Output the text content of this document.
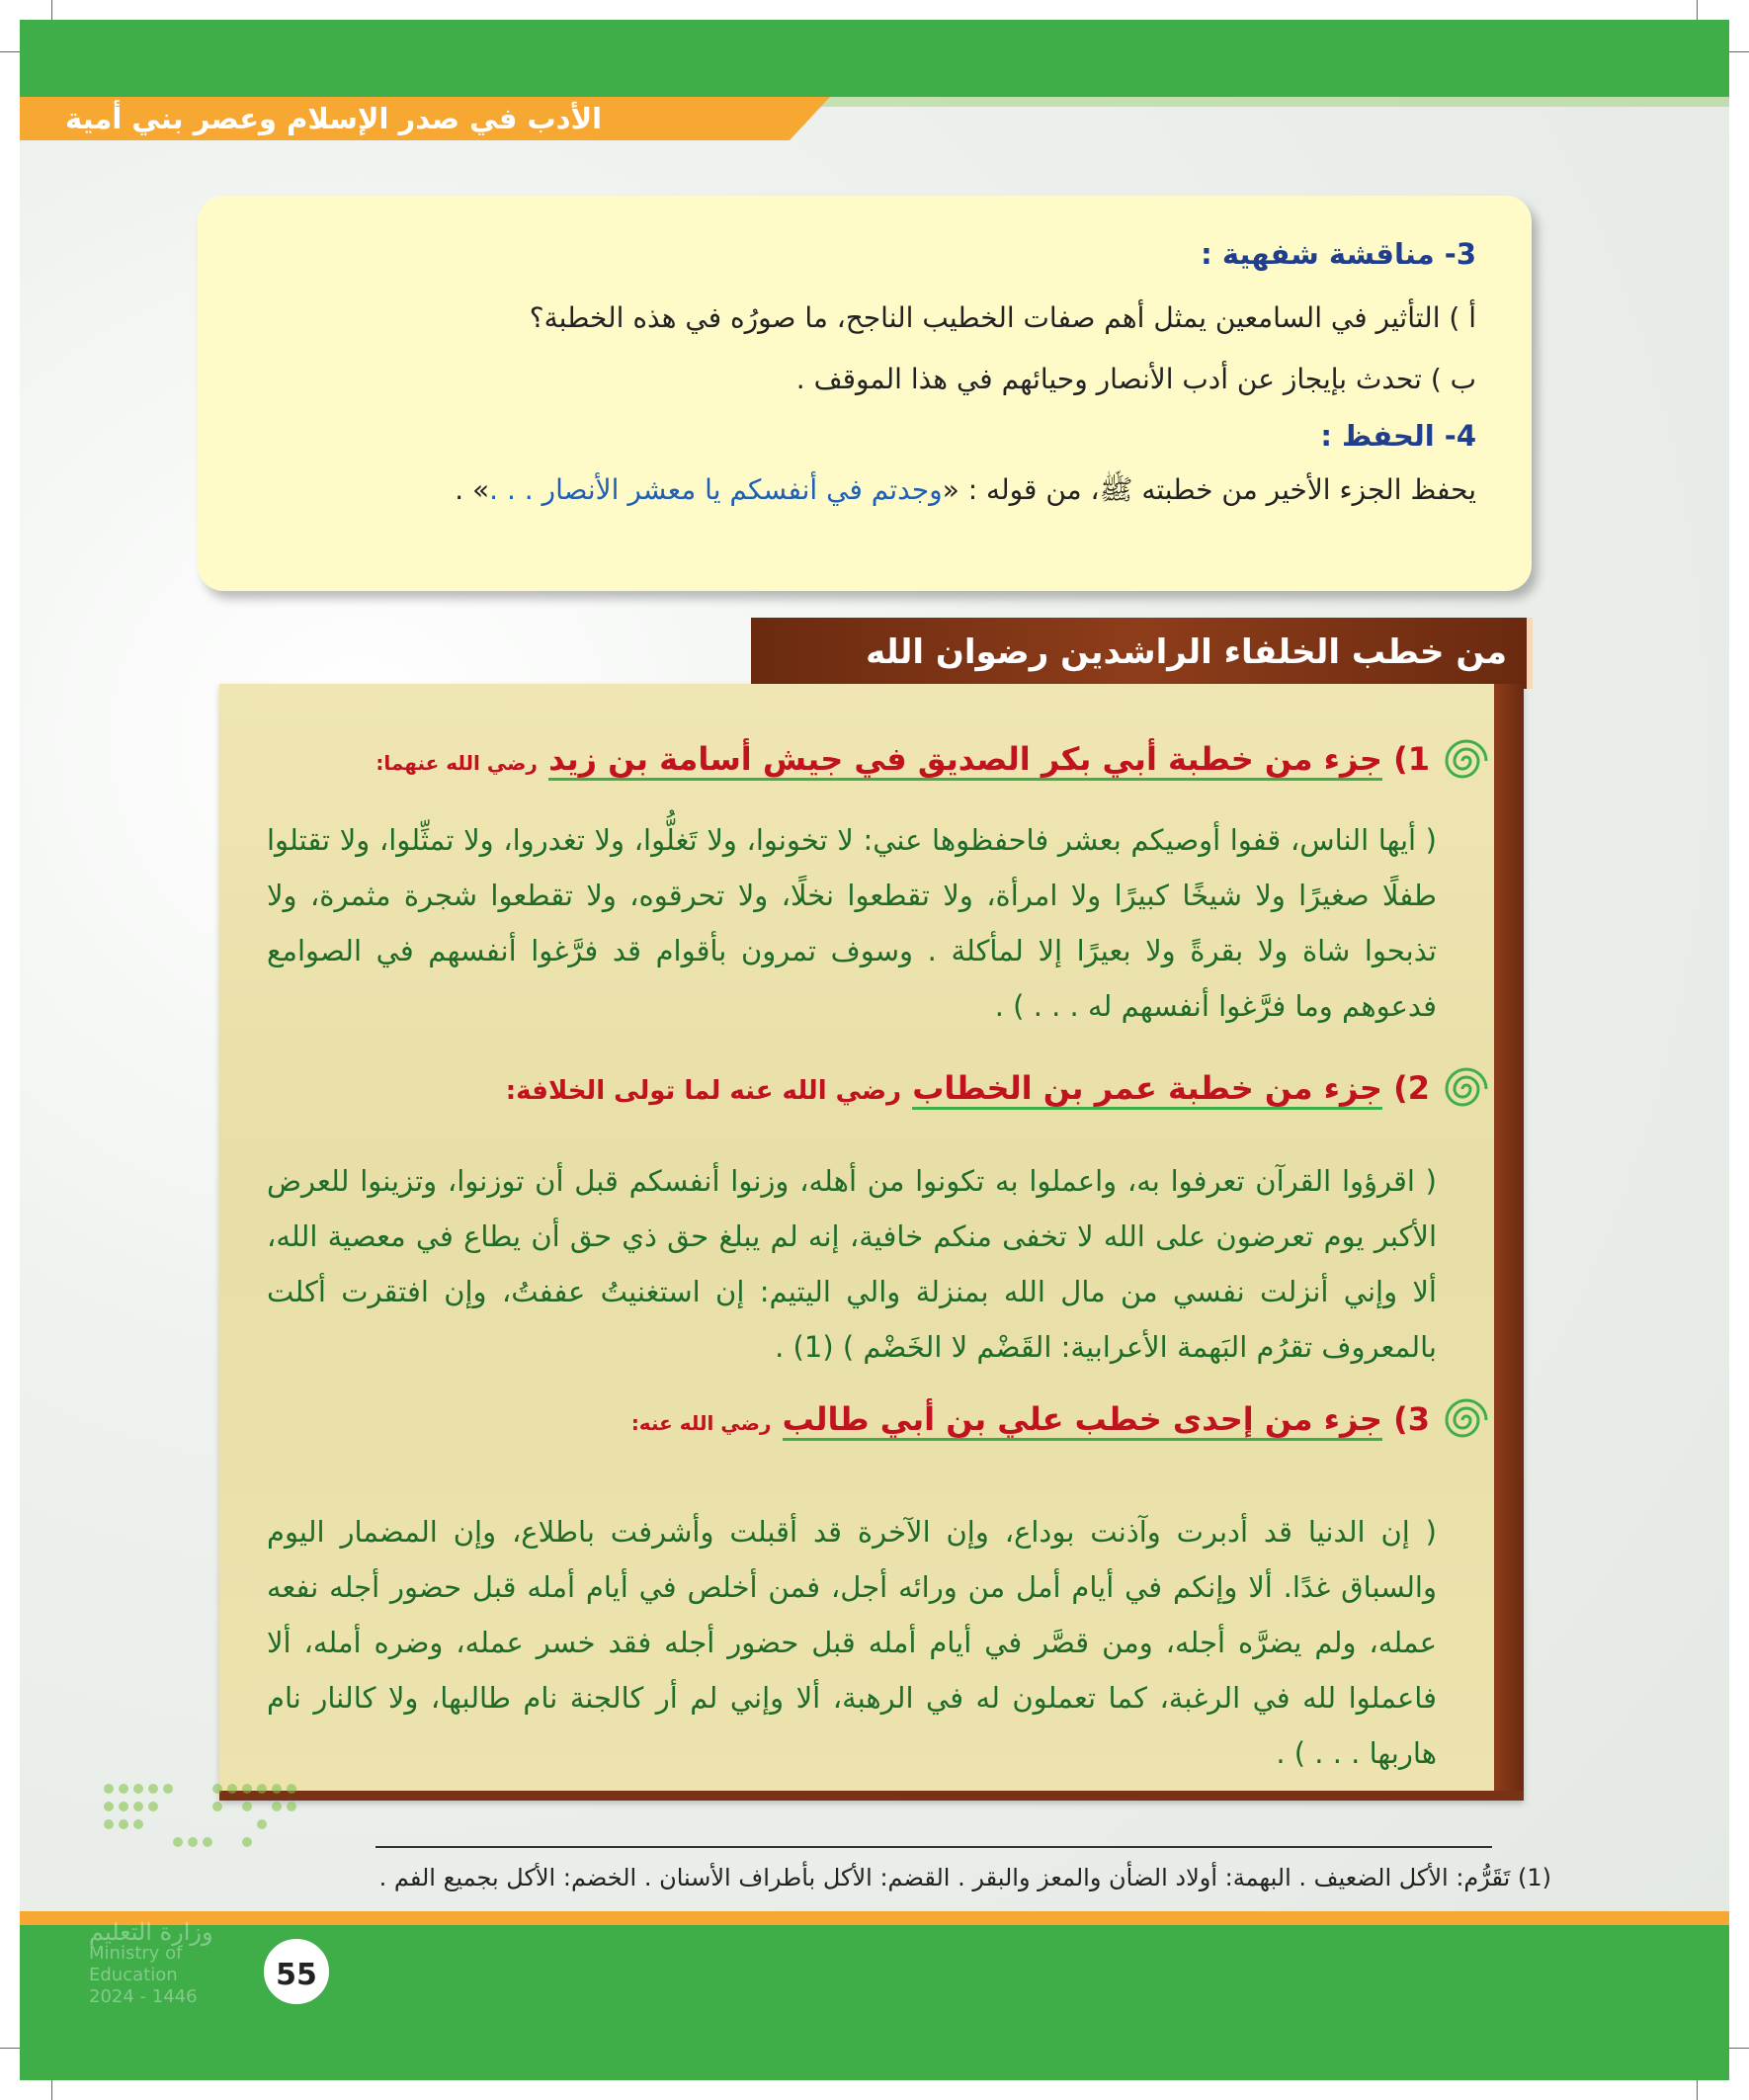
الأدب في صدر الإسلام وعصر بني أمية
3- مناقشة شفهية :
أ ) التأثير في السامعين يمثل أهم صفات الخطيب الناجح، ما صورُه في هذه الخطبة؟
ب ) تحدث بإيجاز عن أدب الأنصار وحيائهم في هذا الموقف .
4- الحفظ :
يحفظ الجزء الأخير من خطبته ﷺ، من قوله : «وجدتم في أنفسكم يا معشر الأنصار . . .» .
من خطب الخلفاء الراشدين رضوان الله
1) جزء من خطبة أبي بكر الصديق في جيش أسامة بن زيد رضي الله عنهما:
( أيها الناس، قفوا أوصيكم بعشر فاحفظوها عني: لا تخونوا، ولا تَغلُّوا، ولا تغدروا، ولا تمثِّلوا، ولا تقتلوا طفلًا صغيرًا ولا شيخًا كبيرًا ولا امرأة، ولا تقطعوا نخلًا، ولا تحرقوه، ولا تقطعوا شجرة مثمرة، ولا تذبحوا شاة ولا بقرةً ولا بعيرًا إلا لمأكلة . وسوف تمرون بأقوام قد فرَّغوا أنفسهم في الصوامع فدعوهم وما فرَّغوا أنفسهم له . . . ) .
2) جزء من خطبة عمر بن الخطاب رضي الله عنه لما تولى الخلافة:
( اقرؤوا القرآن تعرفوا به، واعملوا به تكونوا من أهله، وزنوا أنفسكم قبل أن توزنوا، وتزينوا للعرض الأكبر يوم تعرضون على الله لا تخفى منكم خافية، إنه لم يبلغ حق ذي حق أن يطاع في معصية الله، ألا وإني أنزلت نفسي من مال الله بمنزلة والي اليتيم: إن استغنيتُ عففتُ، وإن افتقرت أكلت بالمعروف تقرُم البَهمة الأعرابية: القَضْم لا الخَضْم ) (1) .
3) جزء من إحدى خطب علي بن أبي طالب رضي الله عنه:
( إن الدنيا قد أدبرت وآذنت بوداع، وإن الآخرة قد أقبلت وأشرفت باطلاع، وإن المضمار اليوم والسباق غدًا. ألا وإنكم في أيام أمل من ورائه أجل، فمن أخلص في أيام أمله قبل حضور أجله نفعه عمله، ولم يضرَّه أجله، ومن قصَّر في أيام أمله قبل حضور أجله فقد خسر عمله، وضره أمله، ألا فاعملوا لله في الرغبة، كما تعملون له في الرهبة، ألا وإني لم أر كالجنة نام طالبها، ولا كالنار نام هاربها . . . ) .
(1) تَقَرُّم: الأكل الضعيف . البهمة: أولاد الضأن والمعز والبقر . القضم: الأكل بأطراف الأسنان . الخضم: الأكل بجميع الفم .
وزارة التعليم
Ministry of Education
2024 - 1446
55
